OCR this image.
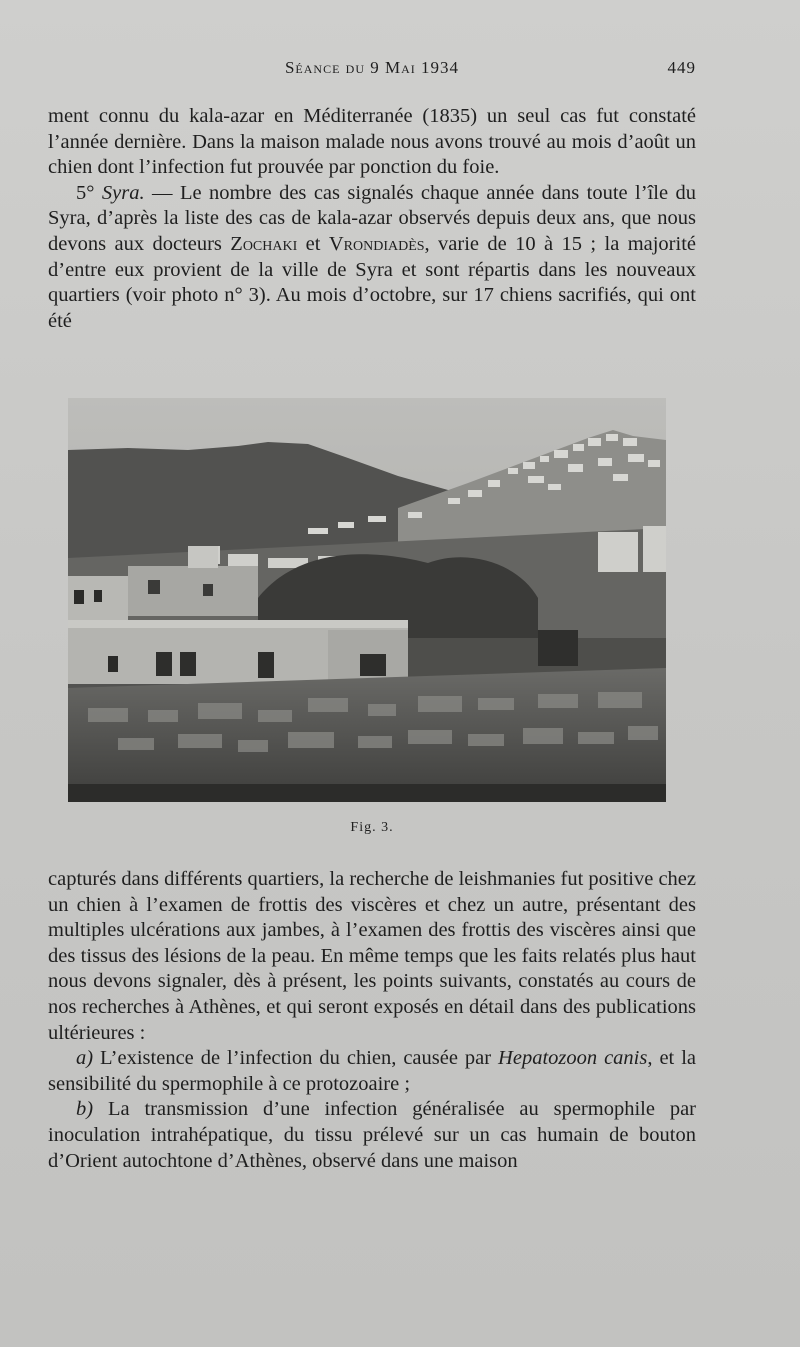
Séance du 9 Mai 1934	449

ment connu du kala-azar en Méditerranée (1835) un seul cas fut constaté l’année dernière. Dans la maison malade nous avons trouvé au mois d’août un chien dont l’infection fut prouvée par ponction du foie.

5° Syra. — Le nombre des cas signalés chaque année dans toute l’île du Syra, d’après la liste des cas de kala-azar observés depuis deux ans, que nous devons aux docteurs Zochaki et Vrondiadès, varie de 10 à 15 ; la majorité d’entre eux provient de la ville de Syra et sont répartis dans les nouveaux quartiers (voir photo n° 3). Au mois d’octobre, sur 17 chiens sacrifiés, qui ont été

Fig. 3.

capturés dans différents quartiers, la recherche de leishmanies fut positive chez un chien à l’examen de frottis des viscères et chez un autre, présentant des multiples ulcérations aux jambes, à l’examen des frottis des viscères ainsi que des tissus des lésions de la peau. En même temps que les faits relatés plus haut nous devons signaler, dès à présent, les points suivants, constatés au cours de nos recherches à Athènes, et qui seront exposés en détail dans des publications ultérieures :

a) L’existence de l’infection du chien, causée par Hepatozoon canis, et la sensibilité du spermophile à ce protozoaire ;

b) La transmission d’une infection généralisée au spermophile par inoculation intrahépatique, du tissu prélevé sur un cas humain de bouton d’Orient autochtone d’Athènes, observé dans une maison
